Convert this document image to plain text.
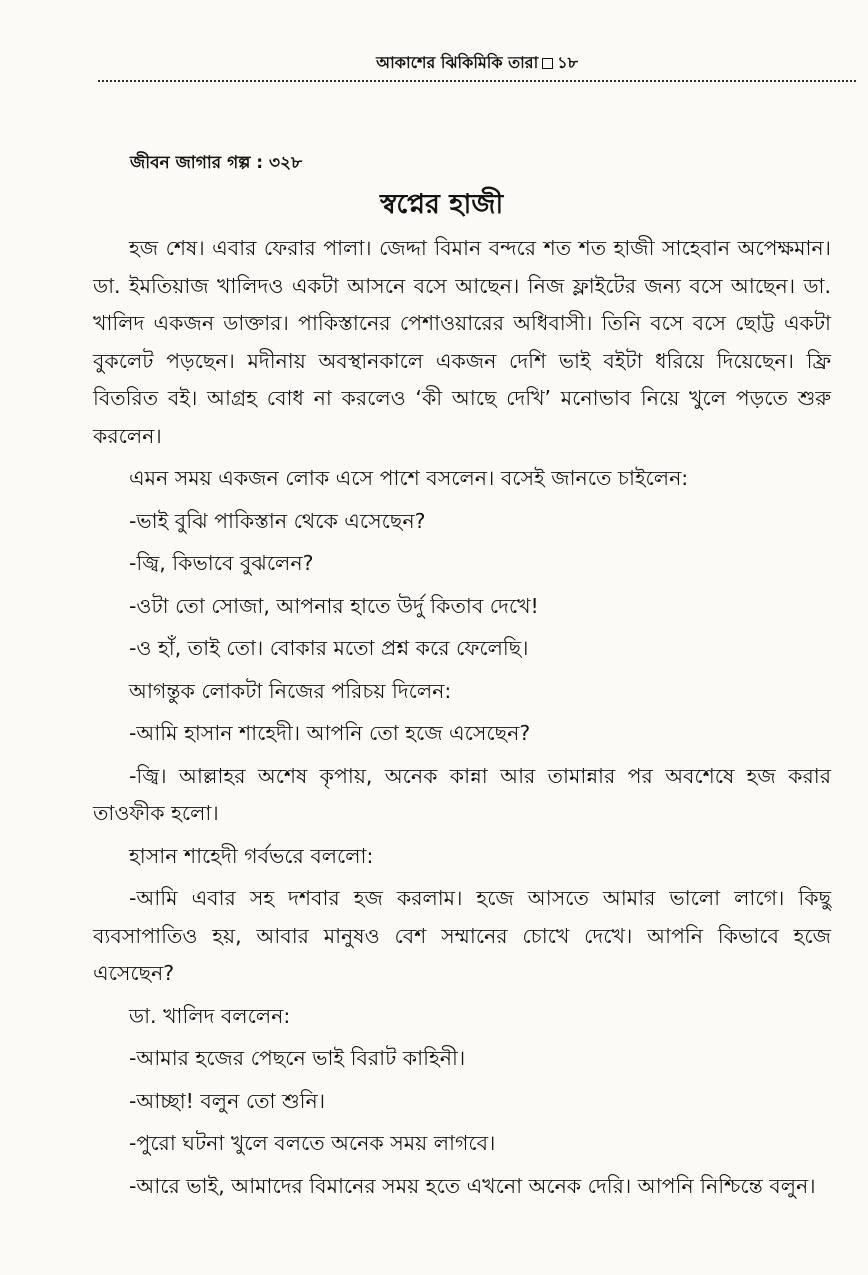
আকাশের ঝিকিমিকি তারা ১৮
জীবন জাগার গল্প : ৩২৮
স্বপ্নের হাজী

হজ শেষ। এবার ফেরার পালা। জেদ্দা বিমান বন্দরে শত শত হাজী সাহেবান অপেক্ষমান। ডা. ইমতিয়াজ খালিদও একটা আসনে বসে আছেন। নিজ ফ্লাইটের জন্য বসে আছেন। ডা. খালিদ একজন ডাক্তার। পাকিস্তানের পেশাওয়ারের অধিবাসী। তিনি বসে বসে ছোট্ট একটা বুকলেট পড়ছেন। মদীনায় অবস্থানকালে একজন দেশি ভাই বইটা ধরিয়ে দিয়েছেন। ফ্রি বিতরিত বই। আগ্রহ বোধ না করলেও ‘কী আছে দেখি’ মনোভাব নিয়ে খুলে পড়তে শুরু করলেন।

এমন সময় একজন লোক এসে পাশে বসলেন। বসেই জানতে চাইলেন:

-ভাই বুঝি পাকিস্তান থেকে এসেছেন?

-জ্বি, কিভাবে বুঝলেন?

-ওটা তো সোজা, আপনার হাতে উর্দু কিতাব দেখে!

-ও হাঁ, তাই তো। বোকার মতো প্রশ্ন করে ফেলেছি।

আগন্তুক লোকটা নিজের পরিচয় দিলেন:

-আমি হাসান শাহেদী। আপনি তো হজে এসেছেন?

-জ্বি। আল্লাহর অশেষ কৃপায়, অনেক কান্না আর তামান্নার পর অবশেষে হজ করার তাওফীক হলো।

হাসান শাহেদী গর্বভরে বললো:

-আমি এবার সহ দশবার হজ করলাম। হজে আসতে আমার ভালো লাগে। কিছু ব্যবসাপাতিও হয়, আবার মানুষও বেশ সম্মানের চোখে দেখে। আপনি কিভাবে হজে এসেছেন?

ডা. খালিদ বললেন:

-আমার হজের পেছনে ভাই বিরাট কাহিনী।

-আচ্ছা! বলুন তো শুনি।

-পুরো ঘটনা খুলে বলতে অনেক সময় লাগবে।

-আরে ভাই, আমাদের বিমানের সময় হতে এখনো অনেক দেরি। আপনি নিশ্চিন্তে বলুন।
